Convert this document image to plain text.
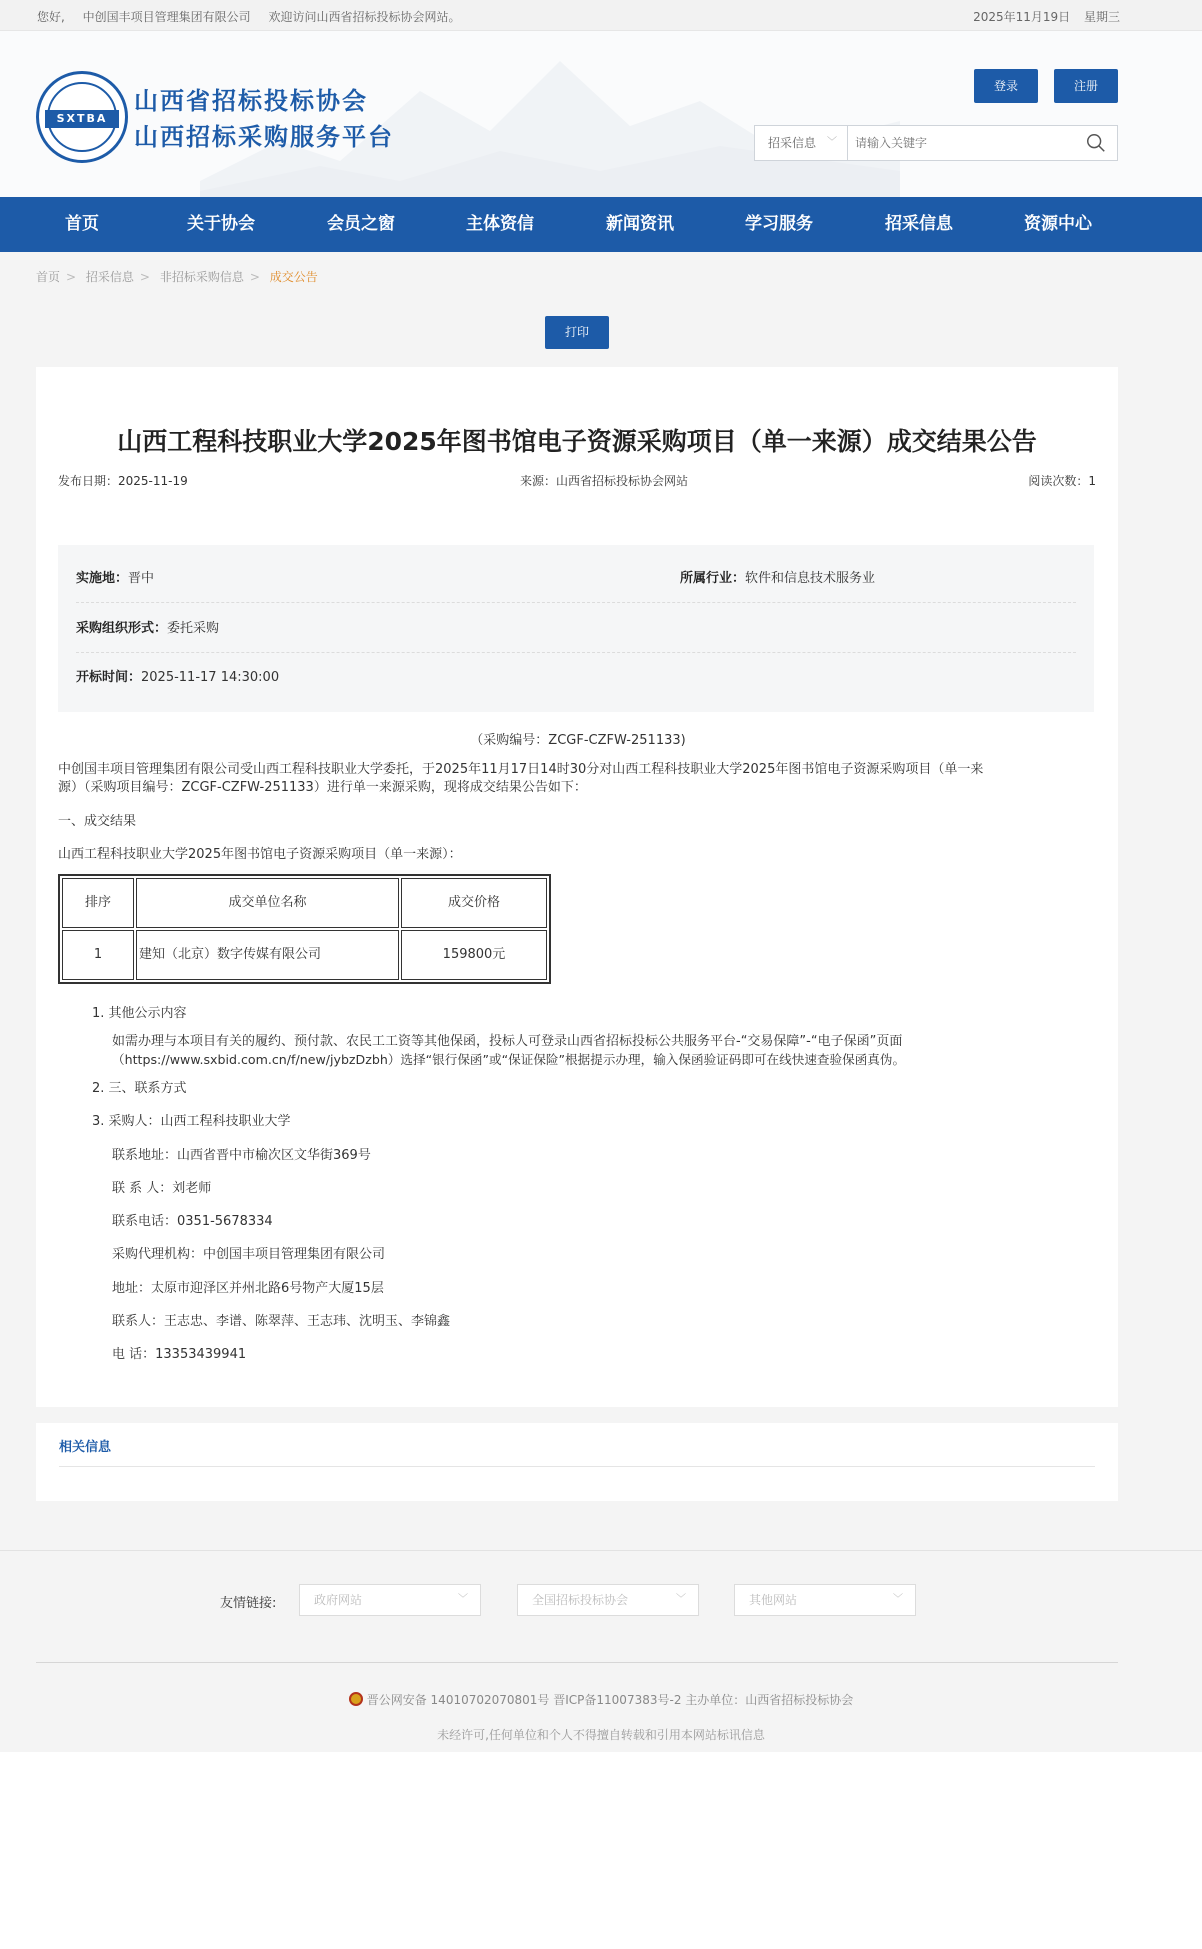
您好, 中创国丰项目管理集团有限公司 欢迎访问山西省招标投标协会网站。	2025年11月19日 星期三
SXTBA
山西省招标投标协会
山西招标采购服务平台
登录	注册
招采信息 ﹀
请输入关键字
首页	关于协会	会员之窗	主体资信	新闻资讯	学习服务	招采信息	资源中心
首页 > 招采信息 > 非招标采购信息 > 成交公告
打印
山西工程科技职业大学2025年图书馆电子资源采购项目（单一来源）成交结果公告
发布日期：2025-11-19	来源：山西省招标投标协会网站	阅读次数：1
实施地：晋中	所属行业：软件和信息技术服务业
采购组织形式：委托采购
开标时间：2025-11-17 14:30:00

（采购编号：ZCGF-CZFW-251133)

中创国丰项目管理集团有限公司受山西工程科技职业大学委托，于2025年11月17日14时30分对山西工程科技职业大学2025年图书馆电子资源采购项目（单一来

源）（采购项目编号：ZCGF-CZFW-251133）进行单一来源采购，现将成交结果公告如下：

一、成交结果

山西工程科技职业大学2025年图书馆电子资源采购项目（单一来源）：

排序	成交单位名称	成交价格
1	建知（北京）数字传媒有限公司	159800元

1. 其他公示内容

如需办理与本项目有关的履约、预付款、农民工工资等其他保函，投标人可登录山西省招标投标公共服务平台-“交易保障”-“电子保函”页面

（https://www.sxbid.com.cn/f/new/jybzDzbh）选择“银行保函”或“保证保险”根据提示办理，输入保函验证码即可在线快速查验保函真伪。

2. 三、联系方式

3. 采购人：山西工程科技职业大学

联系地址：山西省晋中市榆次区文华街369号

联 系 人：刘老师

联系电话：0351-5678334

采购代理机构：中创国丰项目管理集团有限公司

地址：太原市迎泽区并州北路6号物产大厦15层

联系人：王志忠、李谱、陈翠萍、王志玮、沈明玉、李锦鑫

电 话：13353439941

相关信息
友情链接:	政府网站	﹀	全国招标投标协会	﹀	其他网站	﹀
晋公网安备 14010702070801号 晋ICP备11007383号-2 主办单位：山西省招标投标协会
未经许可,任何单位和个人不得擅自转载和引用本网站标讯信息
